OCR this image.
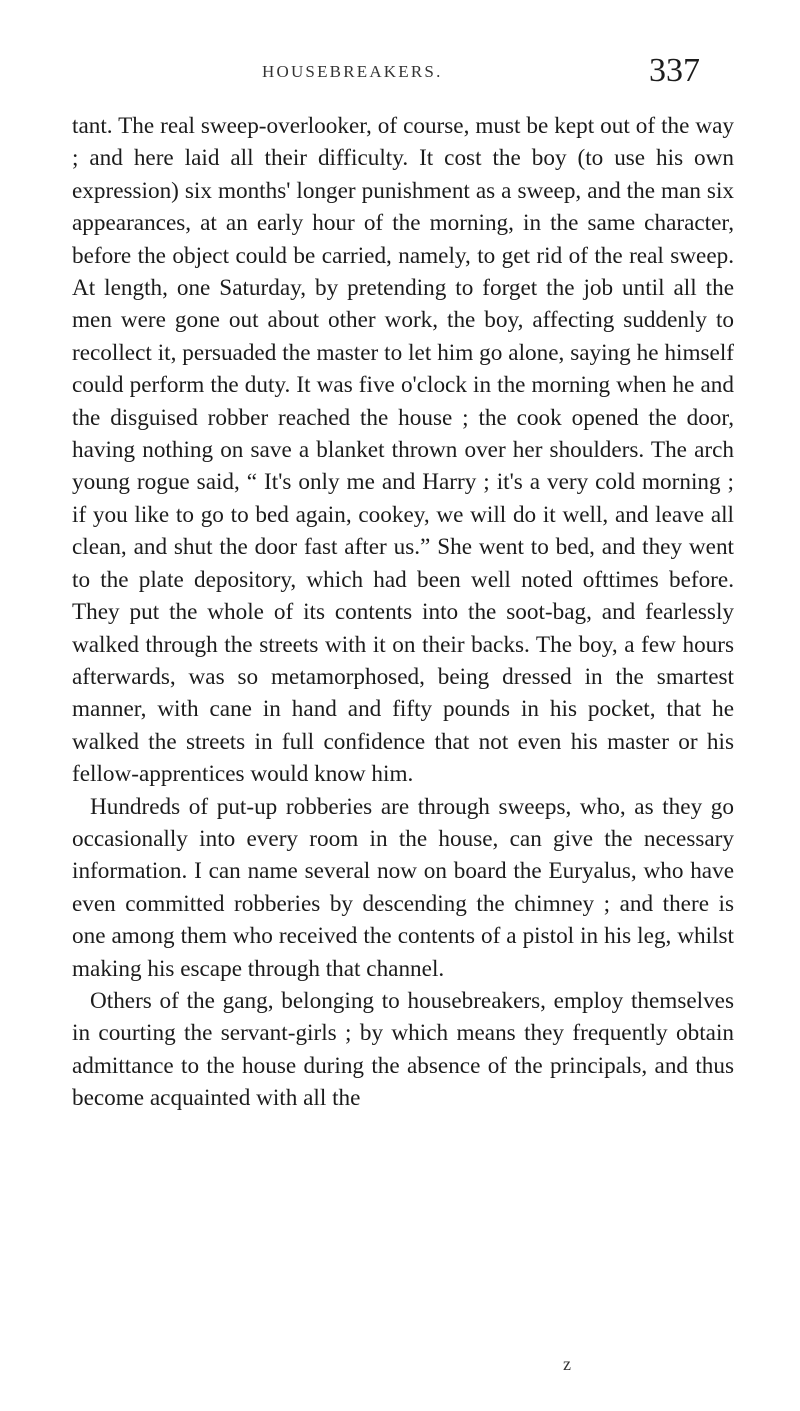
HOUSEBREAKERS.	337

tant. The real sweep-overlooker, of course, must be kept out of the way ; and here laid all their difficulty. It cost the boy (to use his own expression) six months' longer punishment as a sweep, and the man six appearances, at an early hour of the morning, in the same character, before the object could be carried, namely, to get rid of the real sweep. At length, one Saturday, by pretending to forget the job until all the men were gone out about other work, the boy, affecting suddenly to recollect it, persuaded the master to let him go alone, saying he himself could perform the duty. It was five o'clock in the morning when he and the disguised robber reached the house ; the cook opened the door, having nothing on save a blanket thrown over her shoulders. The arch young rogue said, “ It's only me and Harry ; it's a very cold morning ; if you like to go to bed again, cookey, we will do it well, and leave all clean, and shut the door fast after us.” She went to bed, and they went to the plate depository, which had been well noted ofttimes before. They put the whole of its contents into the soot-bag, and fearlessly walked through the streets with it on their backs. The boy, a few hours afterwards, was so metamorphosed, being dressed in the smartest manner, with cane in hand and fifty pounds in his pocket, that he walked the streets in full confidence that not even his master or his fellow-apprentices would know him.

Hundreds of put-up robberies are through sweeps, who, as they go occasionally into every room in the house, can give the necessary information. I can name several now on board the Euryalus, who have even committed robberies by descending the chimney ; and there is one among them who received the contents of a pistol in his leg, whilst making his escape through that channel.

Others of the gang, belonging to housebreakers, employ themselves in courting the servant-girls ; by which means they frequently obtain admittance to the house during the absence of the principals, and thus become acquainted with all the

z
